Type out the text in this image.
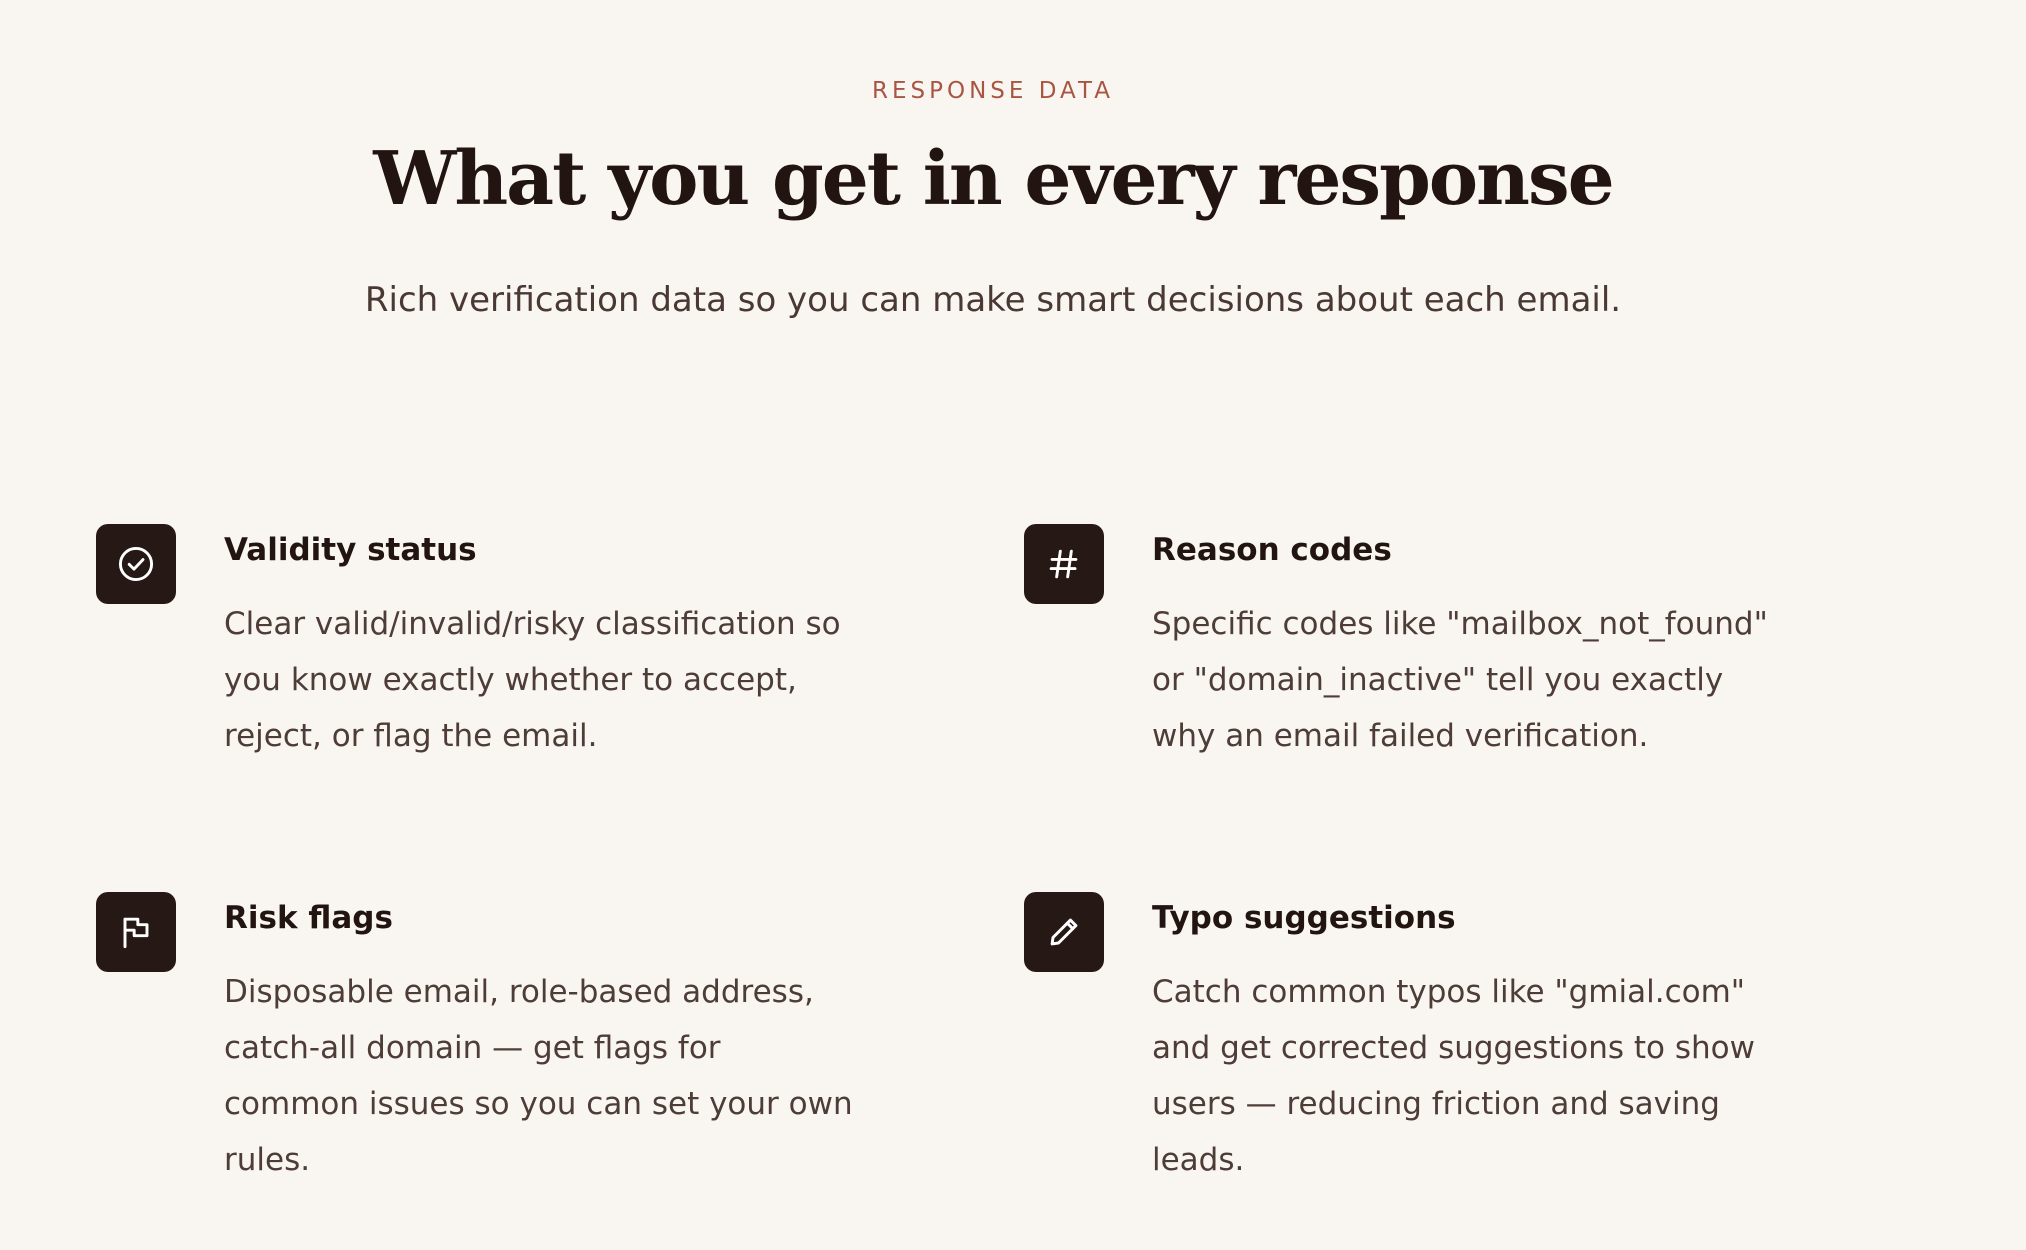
RESPONSE DATA
What you get in every response
Rich verification data so you can make smart decisions about each email.
Validity status

Clear valid/invalid/risky classification so you know exactly whether to accept, reject, or flag the email.

Reason codes

Specific codes like "mailbox_not_found" or "domain_inactive" tell you exactly why an email failed verification.

Risk flags

Disposable email, role-based address, catch-all domain — get flags for common issues so you can set your own rules.

Typo suggestions

Catch common typos like "gmial.com" and get corrected suggestions to show users — reducing friction and saving leads.
